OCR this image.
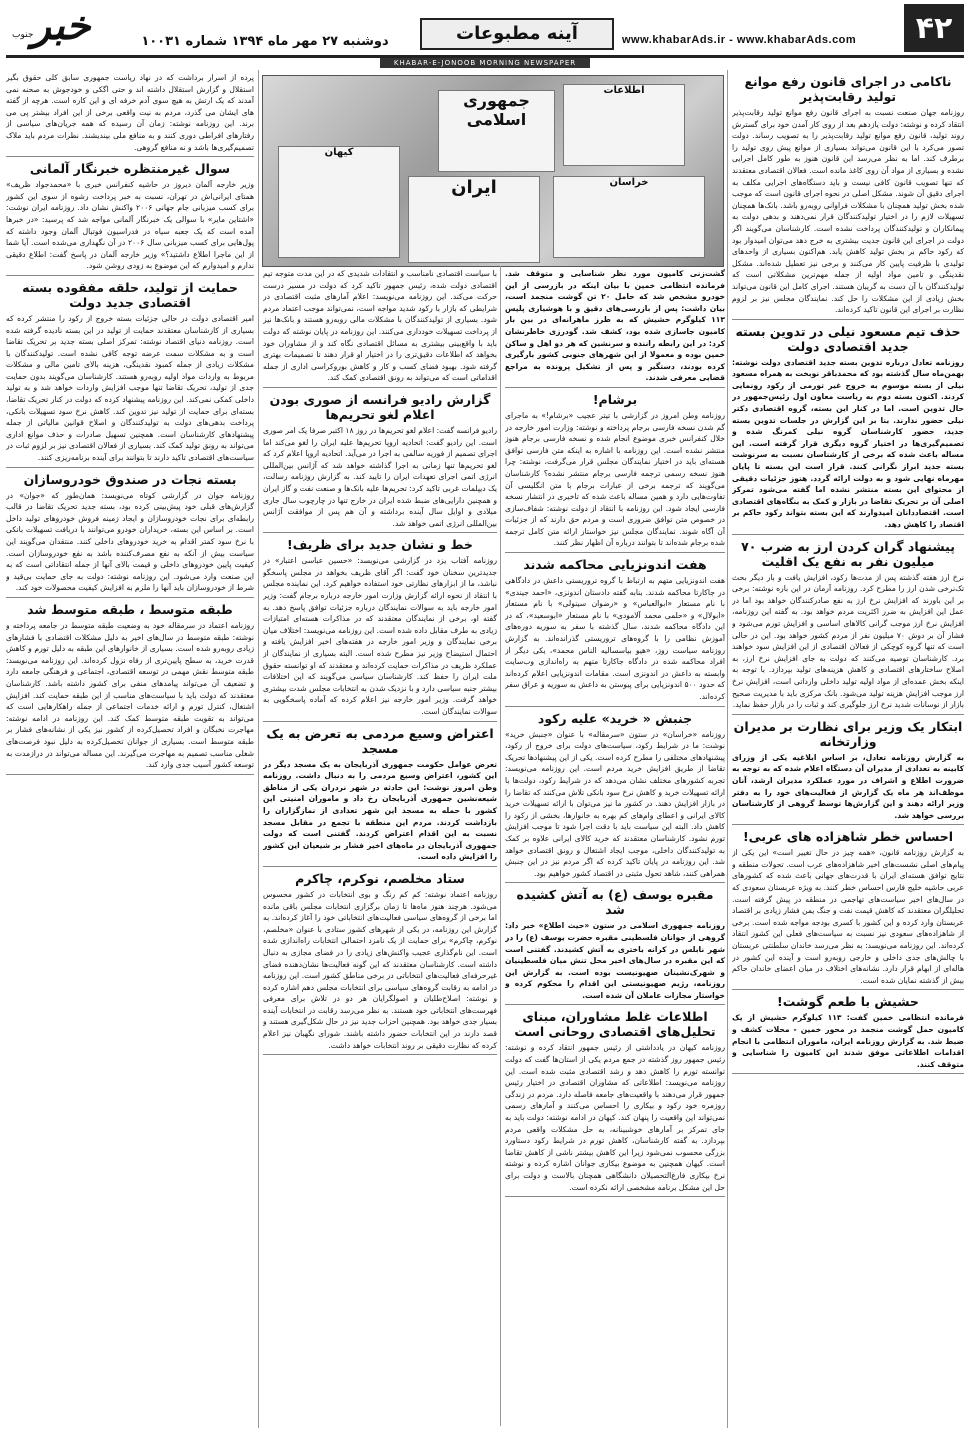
۴۲
www.khabarAds.ir - www.khabarAds.com
آینه مطبوعات
دوشنبه ۲۷ مهر ماه ۱۳۹۴ شماره ۱۰۰۳۱
خبر
جنوب
KHABAR-E-JONOOB MORNING NEWSPAPER
اطلاعات
جمهوری اسلامی
ایران
کیهان
خراسان
ناکامی در اجرای قانون رفع موانع تولید رقابت‌پذیر

روزنامه جهان صنعت نسبت به اجرای قانون رفع موانع تولید رقابت‌پذیر انتقاد کرده و نوشته: دولت یازدهم بعد از روی کار آمدن خود برای گسترش روند تولید، قانون رفع موانع تولید رقابت‌پذیر را به تصویب رساند. دولت تصور می‌کرد با این قانون می‌تواند بسیاری از موانع پیش روی تولید را برطرف کند. اما به نظر می‌رسد این قانون هنوز به طور کامل اجرایی نشده و بسیاری از مواد آن روی کاغذ مانده است. فعالان اقتصادی معتقدند که تنها تصویب قانون کافی نیست و باید دستگاه‌های اجرایی مکلف به اجرای دقیق آن شوند. مشکل اصلی در نحوه اجرای قانون است که موجب شده بخش تولید همچنان با مشکلات فراوانی روبه‌رو باشد. بانک‌ها همچنان تسهیلات لازم را در اختیار تولیدکنندگان قرار نمی‌دهند و بدهی دولت به پیمانکاران و تولیدکنندگان پرداخت نشده است. کارشناسان می‌گویند اگر دولت در اجرای این قانون جدیت بیشتری به خرج دهد می‌توان امیدوار بود که رکود حاکم بر بخش تولید کاهش یابد. هم‌اکنون بسیاری از واحدهای تولیدی با ظرفیت پایین کار می‌کنند و برخی نیز تعطیل شده‌اند. مشکل نقدینگی و تامین مواد اولیه از جمله مهم‌ترین مشکلاتی است که تولیدکنندگان با آن دست به گریبان هستند. اجرای کامل این قانون می‌تواند بخش زیادی از این مشکلات را حل کند. نمایندگان مجلس نیز بر لزوم نظارت بر اجرای این قانون تاکید کرده‌اند.

حذف تیم مسعود نیلی در تدوین بسته جدید اقتصادی دولت

روزنامه تعادل درباره تدوین بسته جدید اقتصادی دولت نوشته: بهمن‌ماه سال گذشته بود که محمدباقر نوبخت به همراه مسعود نیلی از بسته موسوم به خروج غیر تورمی از رکود رونمایی کردند. اکنون بسته دوم به ریاست معاون اول رئیس‌جمهور در حال تدوین است. اما در کنار این بسته، گروه اقتصادی دکتر نیلی حضور ندارند. بنا بر این گزارش در جلسات تدوین بسته جدید، حضور کارشناسان گروه نیلی کمرنگ شده و تصمیم‌گیری‌ها در اختیار گروه دیگری قرار گرفته است. این مساله باعث شده که برخی از کارشناسان نسبت به سرنوشت بسته جدید ابراز نگرانی کنند. قرار است این بسته تا پایان مهرماه نهایی شود و به دولت ارائه گردد. هنوز جزئیات دقیقی از محتوای این بسته منتشر نشده اما گفته می‌شود تمرکز اصلی آن بر تحریک تقاضا در بازار و کمک به بنگاه‌های اقتصادی است. اقتصاددانان امیدوارند که این بسته بتواند رکود حاکم بر اقتصاد را کاهش دهد.

پیشنهاد گران کردن ارز به ضرب ۷۰ میلیون نفر به نفع یک اقلیت

نرخ ارز هفته گذشته پس از مدت‌ها رکود، افزایش یافت و بار دیگر بحث تک‌نرخی شدن ارز را مطرح کرد. روزنامه آرمان در این باره نوشته: برخی بر این باورند که افزایش نرخ ارز به نفع صادرکنندگان خواهد بود اما در عمل این افزایش به ضرر اکثریت مردم خواهد بود. به گفته این روزنامه، افزایش نرخ ارز موجب گرانی کالاهای اساسی و افزایش تورم می‌شود و فشار آن بر دوش ۷۰ میلیون نفر از مردم کشور خواهد بود. این در حالی است که تنها گروه کوچکی از فعالان اقتصادی از این افزایش سود خواهند برد. کارشناسان توصیه می‌کنند که دولت به جای افزایش نرخ ارز، به اصلاح ساختارهای اقتصادی و کاهش هزینه‌های تولید بپردازد. با توجه به اینکه بخش عمده‌ای از مواد اولیه تولید داخلی وارداتی است، افزایش نرخ ارز موجب افزایش هزینه تولید می‌شود. بانک مرکزی باید با مدیریت صحیح بازار از نوسانات شدید نرخ ارز جلوگیری کند و ثبات را در بازار حفظ نماید.

ابتکار یک وزیر برای نظارت بر مدیران وزارتخانه

به گزارش روزنامه تعادل، بر اساس ابلاغیه یکی از وزرای کابینه به تعدادی از مدیران آن دستگاه اعلام شده که به توجه به ضرورت اطلاع و اشراف در مورد عملکرد مدیران ارشد، آنان موظف‌اند هر ماه یک گزارش از فعالیت‌های خود را به دفتر وزیر ارائه دهند و این گزارش‌ها توسط گروهی از کارشناسان بررسی خواهد شد.

احساس خطر شاهزاده های عربی!

به گزارش روزنامه قانون، «همه چیز در حال تغییر است» این یکی از پیام‌های اصلی نشست‌های اخیر شاهزاده‌های عرب است. تحولات منطقه و نتایج توافق هسته‌ای ایران با قدرت‌های جهانی باعث شده که کشورهای عربی حاشیه خلیج فارس احساس خطر کنند. به ویژه عربستان سعودی که در سال‌های اخیر سیاست‌های تهاجمی در منطقه در پیش گرفته است. تحلیلگران معتقدند که کاهش قیمت نفت و جنگ یمن فشار زیادی بر اقتصاد عربستان وارد کرده و این کشور با کسری بودجه مواجه شده است. برخی از شاهزاده‌های سعودی نیز نسبت به سیاست‌های فعلی این کشور انتقاد کرده‌اند. این روزنامه می‌نویسد: به نظر می‌رسد خاندان سلطنتی عربستان با چالش‌های جدی داخلی و خارجی روبه‌رو است و آینده این کشور در هاله‌ای از ابهام قرار دارد. نشانه‌های اختلاف در میان اعضای خاندان حاکم بیش از گذشته نمایان شده است.

حشیش با طعم گوشت!

فرمانده انتظامی خمین گفت: ۱۱۳ کیلوگرم حشیش از یک کامیون حمل گوشت منجمد در محور خمین - محلات کشف و ضبط شد. به گزارش روزنامه ایران، ماموران انتظامی با انجام اقدامات اطلاعاتی موفق شدند این کامیون را شناسایی و متوقف کنند.

گشت‌زنی کامیون مورد نظر شناسایی و متوقف شد. فرمانده انتظامی خمین با بیان اینکه در بازرسی از این خودرو مشخص شد که حامل ۲۰ تن گوشت منجمد است، بیان داشت: پس از بازرسی‌های دقیق و با هوشیاری پلیس ۱۱۳ کیلوگرم حشیش که به طرز ماهرانه‌ای در بین بار کامیون جاسازی شده بود، کشف شد. گودرزی خاطرنشان کرد: در این رابطه راننده و سرنشین که هر دو اهل و ساکن خمین بوده و معمولا از این شهرهای جنوبی کشور بارگیری کرده بودند، دستگیر و پس از تشکیل پرونده به مراجع قضایی معرفی شدند.

برشام!

روزنامه وطن امروز در گزارشی با تیتر عجیب «برشام!» به ماجرای گم شدن نسخه فارسی برجام پرداخته و نوشته: وزارت امور خارجه در خلال کنفرانس خبری موضوع انجام شده و نسخه فارسی برجام هنوز منتشر نشده است. این روزنامه با اشاره به اینکه متن فارسی توافق هسته‌ای باید در اختیار نمایندگان مجلس قرار می‌گرفت، نوشته: چرا هنوز نسخه رسمی ترجمه فارسی برجام منتشر نشده؟ کارشناسان می‌گویند که ترجمه برخی از عبارات برجام با متن انگلیسی آن تفاوت‌هایی دارد و همین مساله باعث شده که تاخیری در انتشار نسخه فارسی ایجاد شود. این روزنامه با انتقاد از دولت نوشته: شفاف‌سازی در خصوص متن توافق ضروری است و مردم حق دارند که از جزئیات آن آگاه شوند. نمایندگان مجلس نیز خواستار ارائه متن کامل ترجمه شده برجام شده‌اند تا بتوانند درباره آن اظهار نظر کنند.

هفت اندونزیایی محاکمه شدند

هفت اندونزیایی متهم به ارتباط با گروه تروریستی داعش در دادگاهی در جاکارتا محاکمه شدند. بنابه گفته دادستان اندونزی، «احمد جیندی» با نام مستعار «ابوالعباس» و «رضوان سینولی» با نام مستعار «ابولال» و «حلمی محمد آلامودی» با نام مستعار «ابوسعید»، که در این دادگاه محاکمه شدند، سال گذشته با سفر به سوریه دوره‌های آموزش نظامی را با گروه‌های تروریستی گذرانده‌اند. به گزارش روزنامه سیاست روز، «هیو بیاسسالیه الناس محمد»، یکی دیگر از افراد محاکمه شده در دادگاه جاکارتا متهم به راه‌اندازی وب‌سایت وابسته به داعش در اندونزی است. مقامات اندونزیایی اعلام کرده‌اند که حدود ۵۰۰ اندونزیایی برای پیوستن به داعش به سوریه و عراق سفر کرده‌اند.

جنبش « خرید» علیه رکود

روزنامه «خراسان» در ستون «سرمقاله» با عنوان «جنبش خرید» نوشت: ما در شرایط رکود، سیاست‌های دولت برای خروج از رکود، پیشنهادهای مختلفی را مطرح کرده است. یکی از این پیشنهادها تحریک تقاضا از طریق افزایش خرید مردم است. این روزنامه می‌نویسد: تجربه کشورهای مختلف نشان می‌دهد که در شرایط رکود، دولت‌ها با ارائه تسهیلات خرید و کاهش نرخ سود بانکی تلاش می‌کنند که تقاضا را در بازار افزایش دهند. در کشور ما نیز می‌توان با ارائه تسهیلات خرید کالای ایرانی و اعطای وام‌های کم بهره به خانوارها، بخشی از رکود را کاهش داد. البته این سیاست باید با دقت اجرا شود تا موجب افزایش تورم نشود. کارشناسان معتقدند که خرید کالای ایرانی علاوه بر کمک به تولیدکنندگان داخلی، موجب ایجاد اشتغال و رونق اقتصادی خواهد شد. این روزنامه در پایان تاکید کرده که اگر مردم نیز در این جنبش همراهی کنند، شاهد تحول مثبتی در اقتصاد کشور خواهیم بود.

مقبره یوسف (ع) به آتش کشیده شد

روزنامه جمهوری اسلامی در ستون «حیث اطلاع» خبر داد: گروهی از جوانان فلسطینی مقبره حضرت یوسف (ع) را در شهر نابلس در کرانه باختری به آتش کشیدند. گفتنی است که این مقبره در سال‌های اخیر محل تنش میان فلسطینیان و شهرک‌نشینان صهیونیست بوده است. به گزارش این روزنامه، رژیم صهیونیستی این اقدام را محکوم کرده و خواستار مجازات عاملان آن شده است.

اطلاعات غلط مشاوران، مبنای تحلیل‌های اقتصادی روحانی است

روزنامه کیهان در یادداشتی از رئیس جمهور انتقاد کرده و نوشته: رئیس جمهور روز گذشته در جمع مردم یکی از استان‌ها گفت که دولت توانسته تورم را کاهش دهد و رشد اقتصادی مثبت شده است. این روزنامه می‌نویسد: اطلاعاتی که مشاوران اقتصادی در اختیار رئیس جمهور قرار می‌دهند با واقعیت‌های جامعه فاصله دارد. مردم در زندگی روزمره خود رکود و بیکاری را احساس می‌کنند و آمارهای رسمی نمی‌تواند این واقعیت را پنهان کند. کیهان در ادامه نوشته: دولت باید به جای تمرکز بر آمارهای خوشبینانه، به حل مشکلات واقعی مردم بپردازد. به گفته کارشناسان، کاهش تورم در شرایط رکود دستاورد بزرگی محسوب نمی‌شود زیرا این کاهش بیشتر ناشی از کاهش تقاضا است. کیهان همچنین به موضوع بیکاری جوانان اشاره کرده و نوشته نرخ بیکاری فارغ‌التحصیلان دانشگاهی همچنان بالاست و دولت برای حل این مشکل برنامه مشخصی ارائه نکرده است.

با سیاست اقتصادی نامناسب و انتقادات شدیدی که در این مدت متوجه تیم اقتصادی دولت شده، رئیس جمهور تاکید کرد که دولت در مسیر درست حرکت می‌کند. این روزنامه می‌نویسد: اعلام آمارهای مثبت اقتصادی در شرایطی که بازار با رکود شدید مواجه است، نمی‌تواند موجب اعتماد مردم شود. بسیاری از تولیدکنندگان با مشکلات مالی روبه‌رو هستند و بانک‌ها نیز از پرداخت تسهیلات خودداری می‌کنند. این روزنامه در پایان نوشته که دولت باید با واقع‌بینی بیشتری به مسائل اقتصادی نگاه کند و از مشاوران خود بخواهد که اطلاعات دقیق‌تری را در اختیار او قرار دهند تا تصمیمات بهتری گرفته شود. بهبود فضای کسب و کار و کاهش بوروکراسی اداری از جمله اقداماتی است که می‌تواند به رونق اقتصادی کمک کند.

گزارش رادیو فرانسه از صوری بودن اعلام لغو تحریم‌ها

رادیو فرانسه گفت: اعلام لغو تحریم‌ها در روز ۱۸ اکتبر صرفا یک امر صوری است. این رادیو گفت: اتحادیه اروپا تحریم‌ها علیه ایران را لغو می‌کند اما اجرای تصمیم از فوریه سالمی به اجرا در می‌آید. اتحادیه اروپا اعلام کرد که لغو تحریم‌ها تنها زمانی به اجرا گذاشته خواهد شد که آژانس بین‌المللی انرژی اتمی اجرای تعهدات ایران را تایید کند. به گزارش روزنامه رسالت، یک دیپلمات غربی تاکید کرد: تحریم‌ها علیه بانک‌ها و صنعت نفت و گاز ایران و همچنین دارایی‌های ضبط شده ایران در خارج تنها در چارچوب سال جاری میلادی و اوایل سال آینده برداشته و آن هم پس از موافقت آژانس بین‌المللی انرژی اتمی خواهد شد.

خط و نشان جدید برای ظریف!

روزنامه آفتاب یزد در گزارشی می‌نویسد: «حسین عباسی اعتبار» در جدیدترین سخنان خود گفت: اگر آقای ظریف بخواهد در مجلس پاسخگو نباشد، ما از ابزارهای نظارتی خود استفاده خواهیم کرد. این نماینده مجلس با انتقاد از نحوه ارائه گزارش وزارت امور خارجه درباره برجام گفت: وزیر امور خارجه باید به سوالات نمایندگان درباره جزئیات توافق پاسخ دهد. به گفته او، برخی از نمایندگان معتقدند که در مذاکرات هسته‌ای امتیازات زیادی به طرف مقابل داده شده است. این روزنامه می‌نویسد: اختلاف میان برخی نمایندگان و وزیر امور خارجه در هفته‌های اخیر افزایش یافته و احتمال استیضاح وزیر نیز مطرح شده است. البته بسیاری از نمایندگان از عملکرد ظریف در مذاکرات حمایت کرده‌اند و معتقدند که او توانسته حقوق ملت ایران را حفظ کند. کارشناسان سیاسی می‌گویند که این اختلافات بیشتر جنبه سیاسی دارد و با نزدیک شدن به انتخابات مجلس شدت بیشتری خواهد گرفت. وزیر امور خارجه نیز اعلام کرده که آماده پاسخگویی به سوالات نمایندگان است.

اعتراض وسیع مردمی به تعرض به یک مسجد

تعرض عوامل حکومت جمهوری آذربایجان به یک مسجد دیگر در این کشور، اعتراض وسیع مردمی را به دنبال داشت. روزنامه وطن امروز نوشت: این حادثه در شهر نردران یکی از مناطق شیعه‌نشین جمهوری آذربایجان رخ داد و ماموران امنیتی این کشور با حمله به مسجد این شهر تعدادی از نمازگزاران را بازداشت کردند. مردم این منطقه با تجمع در مقابل مسجد نسبت به این اقدام اعتراض کردند. گفتنی است که دولت جمهوری آذربایجان در ماه‌های اخیر فشار بر شیعیان این کشور را افزایش داده است.

ستاد مخلصم، نوکرم، چاکرم

روزنامه اعتماد نوشته: کم کم رنگ و بوی انتخابات در کشور محسوس می‌شود. هرچند هنوز ماه‌ها تا زمان برگزاری انتخابات مجلس باقی مانده اما برخی از گروه‌های سیاسی فعالیت‌های انتخاباتی خود را آغاز کرده‌اند. به گزارش این روزنامه، در یکی از شهرهای کشور ستادی با عنوان «مخلصم، نوکرم، چاکرم» برای حمایت از یک نامزد احتمالی انتخابات راه‌اندازی شده است. این نام‌گذاری عجیب واکنش‌های زیادی را در فضای مجازی به دنبال داشته است. کارشناسان معتقدند که این گونه فعالیت‌ها نشان‌دهنده فضای غیرحرفه‌ای فعالیت‌های انتخاباتی در برخی مناطق کشور است. این روزنامه در ادامه به رقابت گروه‌های سیاسی برای انتخابات مجلس دهم اشاره کرده و نوشته: اصلاح‌طلبان و اصولگرایان هر دو در تلاش برای معرفی فهرست‌های انتخاباتی خود هستند. به نظر می‌رسد رقابت در انتخابات آینده بسیار جدی خواهد بود. همچنین احزاب جدید نیز در حال شکل‌گیری هستند و قصد دارند در این انتخابات حضور داشته باشند. شورای نگهبان نیز اعلام کرده که نظارت دقیقی بر روند انتخابات خواهد داشت.

پرده از اسرار برداشت که در نهاد ریاست جمهوری سابق کلی حقوق بگیر استقلال و گزارش استقلال داشته اند و حتی اگکی و خودجوش به صحنه نمی آمدند که یک ارتش به هیچ سوی آدم خرفه ای و این کاره است. هرچه از گفته های ایشان می گذرد، مردم به نیت واقعی برخی از این افراد بیشتر پی می برند. این روزنامه نوشته: زمان آن رسیده که همه جریان‌های سیاسی از رفتارهای افراطی دوری کنند و به منافع ملی بیندیشند. نظرات مردم باید ملاک تصمیم‌گیری‌ها باشد و نه منافع گروهی.

سوال غیرمنتظره خبرنگار آلمانی

وزیر خارجه آلمان دیروز در حاشیه کنفرانس خبری با «محمدجواد ظریف» همتای ایرانی‌اش در تهران، نسبت به خبر پرداخت رشوه از سوی این کشور برای کسب میزبانی جام جهانی ۲۰۰۶ واکنش نشان داد. روزنامه ایران نوشت: «اشتاین مایر» با سوالی یک خبرنگار آلمانی مواجه شد که پرسید: «در خبرها آمده است که یک جعبه سیاه در فدراسیون فوتبال آلمان وجود داشته که پول‌هایی برای کسب میزبانی سال ۲۰۰۶ در آن نگهداری می‌شده است. آیا شما از این ماجرا اطلاع داشتید؟» وزیر خارجه آلمان در پاسخ گفت: اطلاع دقیقی ندارم و امیدوارم که این موضوع به زودی روشن شود.

حمایت از تولید، حلقه مفقوده بسته اقتصادی جدید دولت

امیر اقتصادی دولت در حالی جزئیات بسته خروج از رکود را منتشر کرده که بسیاری از کارشناسان معتقدند حمایت از تولید در این بسته نادیده گرفته شده است. روزنامه دنیای اقتصاد نوشته: تمرکز اصلی بسته جدید بر تحریک تقاضا است و به مشکلات سمت عرضه توجه کافی نشده است. تولیدکنندگان با مشکلات زیادی از جمله کمبود نقدینگی، هزینه بالای تامین مالی و مشکلات مربوط به واردات مواد اولیه روبه‌رو هستند. کارشناسان می‌گویند بدون حمایت جدی از تولید، تحریک تقاضا تنها موجب افزایش واردات خواهد شد و به تولید داخلی کمکی نمی‌کند. این روزنامه پیشنهاد کرده که دولت در کنار تحریک تقاضا، بسته‌ای برای حمایت از تولید نیز تدوین کند. کاهش نرخ سود تسهیلات بانکی، پرداخت بدهی‌های دولت به تولیدکنندگان و اصلاح قوانین مالیاتی از جمله پیشنهادهای کارشناسان است. همچنین تسهیل صادرات و حذف موانع اداری می‌تواند به رونق تولید کمک کند. بسیاری از فعالان اقتصادی نیز بر لزوم ثبات در سیاست‌های اقتصادی تاکید دارند تا بتوانند برای آینده برنامه‌ریزی کنند.

بسته نجات در صندوق خودروسازان

روزنامه جوان در گزارشی کوتاه می‌نویسد: همان‌طور که «جوان» در گزارش‌های قبلی خود پیش‌بینی کرده بود، بسته جدید تحریک تقاضا در قالب رابطه‌ای برای نجات خودروسازان و ایجاد زمینه فروش خودروهای تولید داخل است. بر اساس این بسته، خریداران خودرو می‌توانند با دریافت تسهیلات بانکی با نرخ سود کمتر اقدام به خرید خودروهای داخلی کنند. منتقدان می‌گویند این سیاست بیش از آنکه به نفع مصرف‌کننده باشد به نفع خودروسازان است. کیفیت پایین خودروهای داخلی و قیمت بالای آنها از جمله انتقاداتی است که به این صنعت وارد می‌شود. این روزنامه نوشته: دولت به جای حمایت بی‌قید و شرط از خودروسازان باید آنها را ملزم به افزایش کیفیت محصولات خود کند.

طبقه متوسط ، طبقه متوسط شد

روزنامه اعتماد در سرمقاله خود به وضعیت طبقه متوسط در جامعه پرداخته و نوشته: طبقه متوسط در سال‌های اخیر به دلیل مشکلات اقتصادی با فشارهای زیادی روبه‌رو شده است. بسیاری از خانوارهای این طبقه به دلیل تورم و کاهش قدرت خرید، به سطح پایین‌تری از رفاه نزول کرده‌اند. این روزنامه می‌نویسد: طبقه متوسط نقش مهمی در توسعه اقتصادی، اجتماعی و فرهنگی جامعه دارد و تضعیف آن می‌تواند پیامدهای منفی برای کشور داشته باشد. کارشناسان معتقدند که دولت باید با سیاست‌های مناسب از این طبقه حمایت کند. افزایش اشتغال، کنترل تورم و ارائه خدمات اجتماعی از جمله راهکارهایی است که می‌تواند به تقویت طبقه متوسط کمک کند. این روزنامه در ادامه نوشته: مهاجرت نخبگان و افراد تحصیل‌کرده از کشور نیز یکی از نشانه‌های فشار بر طبقه متوسط است. بسیاری از جوانان تحصیل‌کرده به دلیل نبود فرصت‌های شغلی مناسب تصمیم به مهاجرت می‌گیرند. این مساله می‌تواند در درازمدت به توسعه کشور آسیب جدی وارد کند.
